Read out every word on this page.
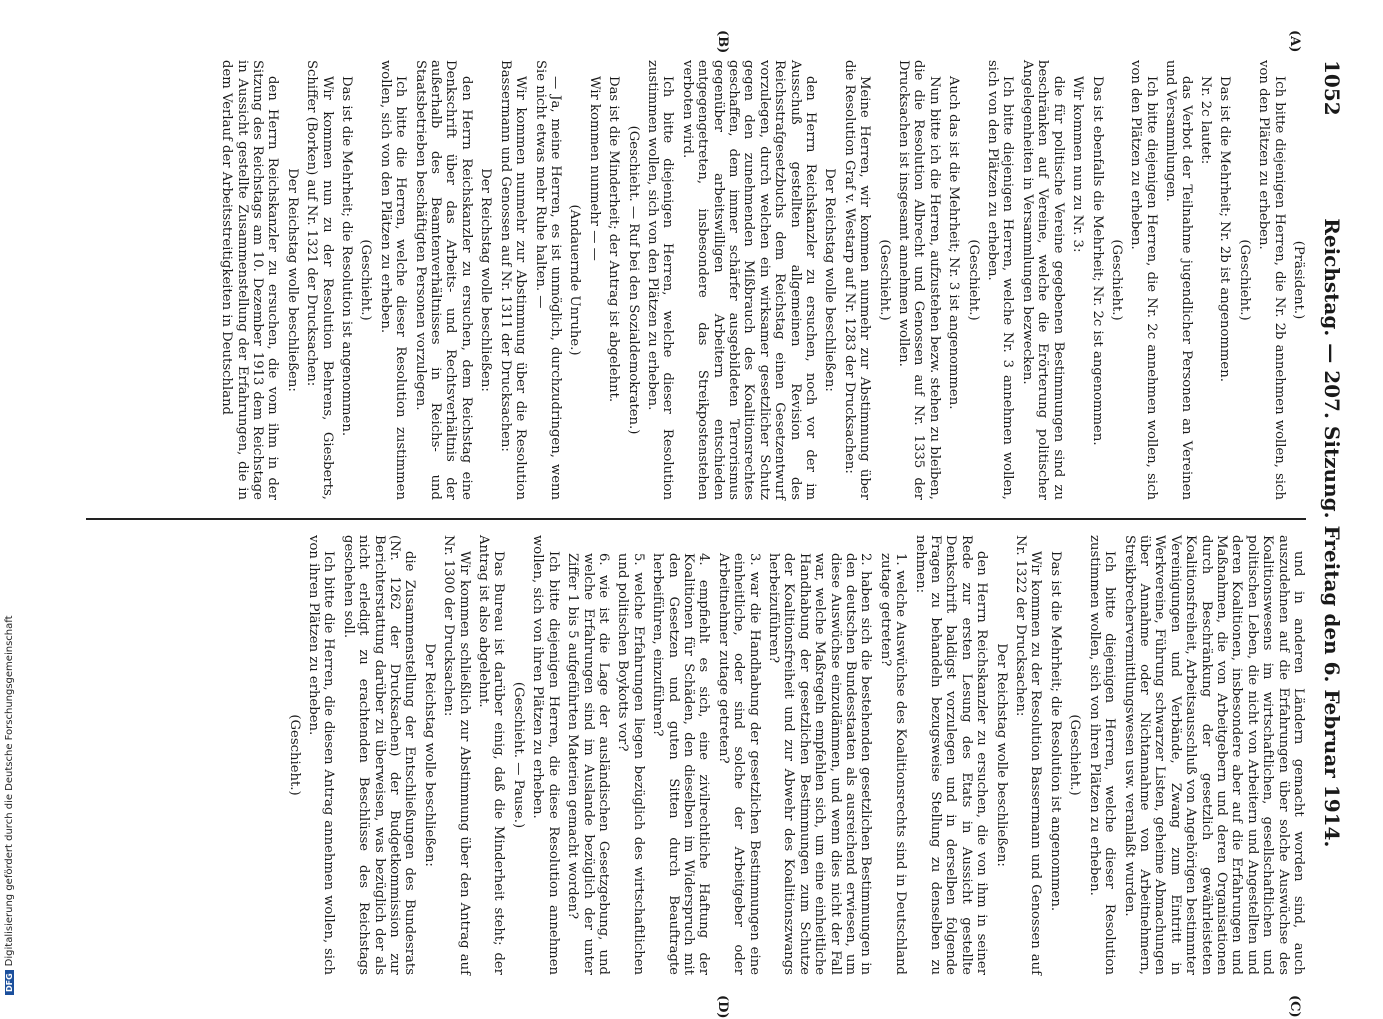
1052
Reichstag. — 207. Sitzung. Freitag den 6. Februar 1914.
(A)
(B)
(C)
(D)

(Präsident.)

Ich bitte diejenigen Herren, die Nr. 2b annehmen wollen, sich von den Plätzen zu erheben.

(Geschieht.)

Das ist die Mehrheit; Nr. 2b ist angenommen.

Nr. 2c lautet:

das Verbot der Teilnahme jugendlicher Personen an Vereinen und Versammlungen.

Ich bitte diejenigen Herren, die Nr. 2c annehmen wollen, sich von den Plätzen zu erheben.

(Geschieht.)

Das ist ebenfalls die Mehrheit; Nr. 2c ist angenommen.

Wir kommen nun zu Nr. 3:

die für politische Vereine gegebenen Bestimmungen sind zu beschränken auf Vereine, welche die Erörterung politischer Angelegenheiten in Versammlungen bezwecken.

Ich bitte diejenigen Herren, welche Nr. 3 annehmen wollen, sich von den Plätzen zu erheben.

(Geschieht.)

Auch das ist die Mehrheit; Nr. 3 ist angenommen.

Nun bitte ich die Herren, aufzustehen bezw. stehen zu bleiben, die die Resolution Albrecht und Genossen auf Nr. 1335 der Drucksachen ist insgesamt annehmen wollen.

(Geschieht.)

Meine Herren, wir kommen nunmehr zur Abstimmung über die Resolution Graf v. Westarp auf Nr. 1283 der Drucksachen:

Der Reichstag wolle beschließen:

den Herrn Reichskanzler zu ersuchen, noch vor der im Ausschuß gestellten allgemeinen Revision des Reichsstrafgesetzbuchs dem Reichstag einen Gesetzentwurf vorzulegen, durch welchen ein wirksamer gesetzlicher Schutz gegen den zunehmenden Mißbrauch des Koalitionsrechtes geschaffen, dem immer schärfer ausgebildeten Terrorismus gegenüber arbeitswilligen Arbeitern entschieden entgegengetreten, insbesondere das Streikpostenstehen verboten wird.

Ich bitte diejenigen Herren, welche dieser Resolution zustimmen wollen, sich von den Plätzen zu erheben.

(Geschieht. — Ruf bei den Sozialdemokraten.)

Das ist die Minderheit; der Antrag ist abgelehnt.

Wir kommen nunmehr — —

(Andauernde Unruhe.)

— Ja, meine Herren, es ist unmöglich, durchzudringen, wenn Sie nicht etwas mehr Ruhe halten. —

Wir kommen nunmehr zur Abstimmung über die Resolution Bassermann und Genossen auf Nr. 1311 der Drucksachen:

Der Reichstag wolle beschließen:

den Herrn Reichskanzler zu ersuchen, dem Reichstag eine Denkschrift über das Arbeits- und Rechtsverhältnis der außerhalb des Beamtenverhältnisses in Reichs- und Staatsbetrieben beschäftigten Personen vorzulegen.

Ich bitte die Herren, welche dieser Resolution zustimmen wollen, sich von den Plätzen zu erheben.

(Geschieht.)

Das ist die Mehrheit; die Resolution ist angenommen.

Wir kommen nun zu der Resolution Behrens, Giesberts, Schiffer (Borken) auf Nr. 1321 der Drucksachen:

Der Reichstag wolle beschließen:

den Herrn Reichskanzler zu ersuchen, die vom ihm in der Sitzung des Reichstags am 10. Dezember 1913 dem Reichstage in Aussicht gestellte Zusammenstellung der Erfahrungen, die in dem Verlauf der Arbeitsstreitigkeiten in Deutschland

und in anderen Ländern gemacht worden sind, auch auszudehnen auf die Erfahrungen über solche Auswüchse des Koalitionswesens im wirtschaftlichen, gesellschaftlichen und politischen Leben, die nicht von Arbeitern und Angestellten und deren Koalitionen, insbesondere aber auf die Erfahrungen und Maßnahmen, die von Arbeitgebern und deren Organisationen durch Beschränkung der gesetzlich gewährleisteten Koalitionsfreiheit, Arbeitsausschluß von Angehörigen bestimmter Vereinigungen und Verbände, Zwang zum Eintritt in Werkvereine, Führung schwarzer Listen, geheime Abmachungen über Annahme oder Nichtannahme von Arbeitnehmern, Streikbrechervermittlungswesen usw. veranlaßt wurden.

Ich bitte diejenigen Herren, welche dieser Resolution zustimmen wollen, sich von ihren Plätzen zu erheben.

(Geschieht.)

Das ist die Mehrheit; die Resolution ist angenommen.

Wir kommen zu der Resolution Bassermann und Genossen auf Nr. 1322 der Drucksachen:

Der Reichstag wolle beschließen:

den Herrn Reichskanzler zu ersuchen, die von ihm in seiner Rede zur ersten Lesung des Etats in Aussicht gestellte Denkschrift baldigst vorzulegen und in derselben folgende Fragen zu behandeln bezugsweise Stellung zu denselben zu nehmen:

1. welche Auswüchse des Koalitionsrechts sind in Deutschland zutage getreten?

2. haben sich die bestehenden gesetzlichen Bestimmungen in den deutschen Bundesstaaten als ausreichend erwiesen, um diese Auswüchse einzudämmen, und wenn dies nicht der Fall war, welche Maßregeln empfehlen sich, um eine einheitliche Handhabung der gesetzlichen Bestimmungen zum Schutze der Koalitionsfreiheit und zur Abwehr des Koalitionszwangs herbeizuführen?

3. war die Handhabung der gesetzlichen Bestimmungen eine einheitliche, oder sind solche der Arbeitgeber oder Arbeitnehmer zutage getreten?

4. empfiehlt es sich, eine zivilrechtliche Haftung der Koalitionen für Schäden, den dieselben im Widerspruch mit den Gesetzen und guten Sitten durch Beauftragte herbeiführen, einzuführen?

5. welche Erfahrungen liegen bezüglich des wirtschaftlichen und politischen Boykotts vor?

6. wie ist die Lage der ausländischen Gesetzgebung, und welche Erfahrungen sind im Auslande bezüglich der unter Ziffer 1 bis 5 aufgeführten Materien gemacht worden?

Ich bitte diejenigen Herren, die diese Resolution annehmen wollen, sich von ihren Plätzen zu erheben.

(Geschieht. — Pause.)

Das Bureau ist darüber einig, daß die Minderheit steht; der Antrag ist also abgelehnt.

Wir kommen schließlich zur Abstimmung über den Antrag auf Nr. 1300 der Drucksachen:

Der Reichstag wolle beschließen:

die Zusammenstellung der Entschließungen des Bundesrats (Nr. 1262 der Drucksachen) der Budgetkommission zur Berichterstattung darüber zu überweisen, was bezüglich der als nicht erledigt zu erachtenden Beschlüsse des Reichstags geschehen soll.

Ich bitte die Herren, die diesen Antrag annehmen wollen, sich von ihren Plätzen zu erheben.

(Geschieht.)

DFGDigitalisierung gefördert durch die Deutsche Forschungsgemeinschaft
